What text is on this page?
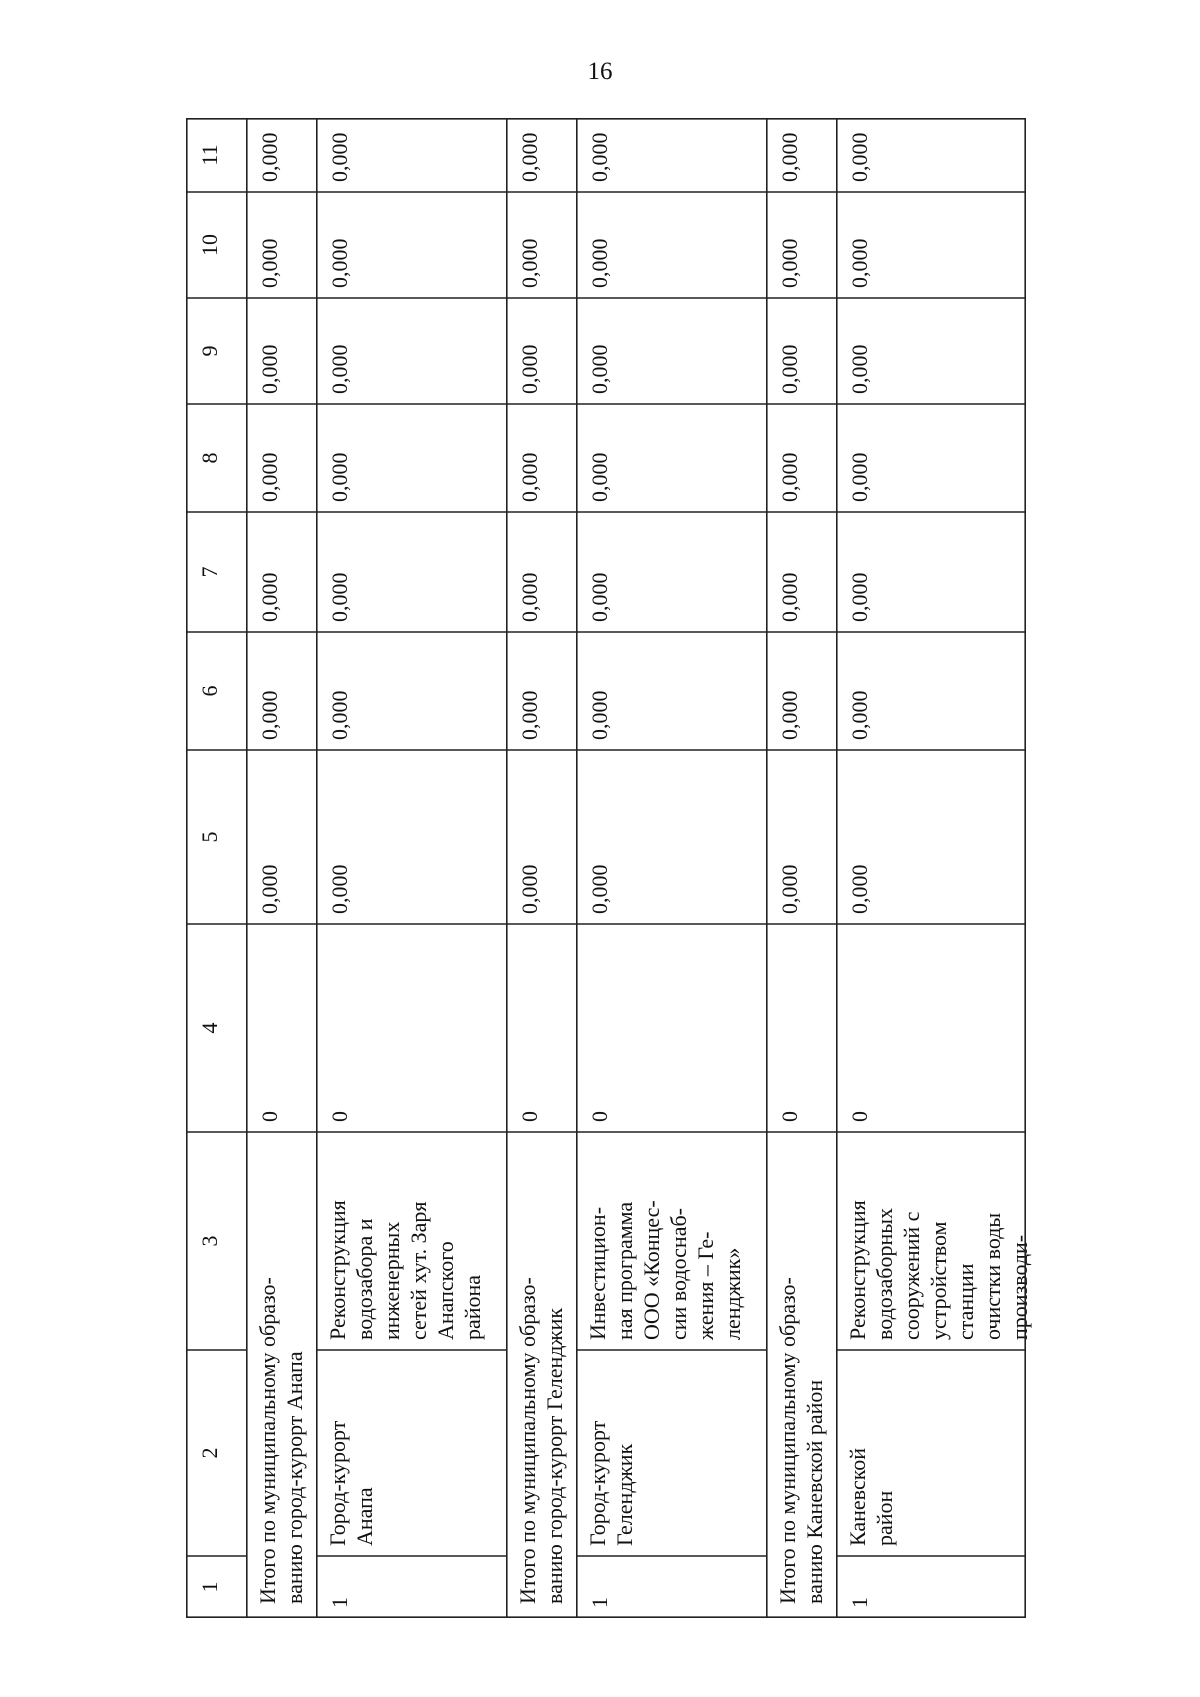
16
1
2
3
4
5
6
7
8
9
10
11
Итого по муниципальному образо- ванию город-курорт Анапа
0
0,000
0,000
0,000
0,000
0,000
0,000
0,000
1
Город-курорт Анапа
Реконструкция водозабора и инженерных сетей хут. Заря Анапского района
0
0,000
0,000
0,000
0,000
0,000
0,000
0,000
Итого по муниципальному образо- ванию город-курорт Геленджик
0
0,000
0,000
0,000
0,000
0,000
0,000
0,000
1
Город-курорт Геленджик
Инвестицион- ная программа ООО «Концес- сии водоснаб- жения – Ге- ленджик»
0
0,000
0,000
0,000
0,000
0,000
0,000
0,000
Итого по муниципальному образо- ванию Каневской район
0
0,000
0,000
0,000
0,000
0,000
0,000
0,000
1
Каневской район
Реконструкция водозаборных сооружений с устройством станции очистки воды производи-
0
0,000
0,000
0,000
0,000
0,000
0,000
0,000
